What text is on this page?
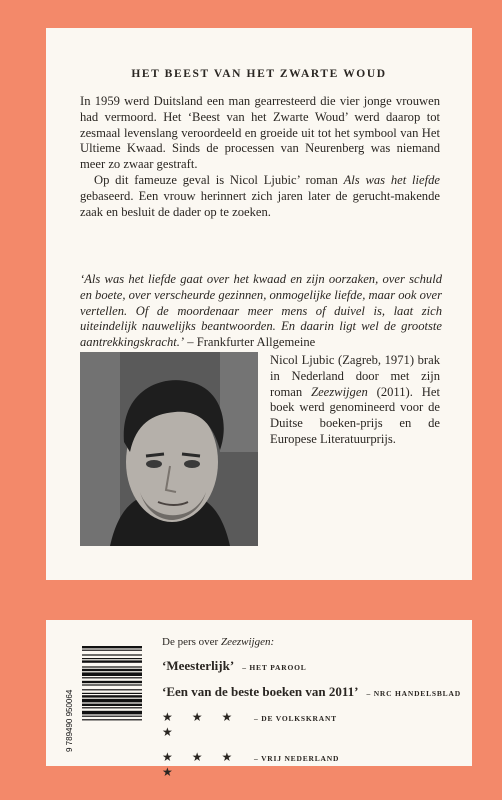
HET BEEST VAN HET ZWARTE WOUD

In 1959 werd Duitsland een man gearresteerd die vier jonge vrouwen had vermoord. Het ‘Beest van het Zwarte Woud’ werd daarop tot zesmaal levenslang veroordeeld en groeide uit tot het symbool van Het Ultieme Kwaad. Sinds de processen van Neurenberg was niemand meer zo zwaar gestraft.

Op dit fameuze geval is Nicol Ljubic’ roman Als was het liefde gebaseerd. Een vrouw herinnert zich jaren later de gerucht-makende zaak en besluit de dader op te zoeken.

‘Als was het liefde gaat over het kwaad en zijn oorzaken, over schuld en boete, over verscheurde gezinnen, onmogelijke liefde, maar ook over vertellen. Of de moordenaar meer mens of duivel is, laat zich uiteindelijk nauwelijks beantwoorden. En daarin ligt wel de grootste aantrekkingskracht.’ – Frankfurter Allgemeine
Nicol Ljubic (Zagreb, 1971) brak in Nederland door met zijn roman Zeezwijgen (2011). Het boek werd genomineerd voor de Duitse boeken-prijs en de Europese Literatuurprijs.
9 789490 950064
De pers over Zeezwijgen:
‘Meesterlijk’ – HET PAROOL
‘Een van de beste boeken van 2011’ – NRC HANDELSBLAD
★ ★ ★ ★
– DE VOLKSKRANT
★ ★ ★ ★
– VRIJ NEDERLAND
